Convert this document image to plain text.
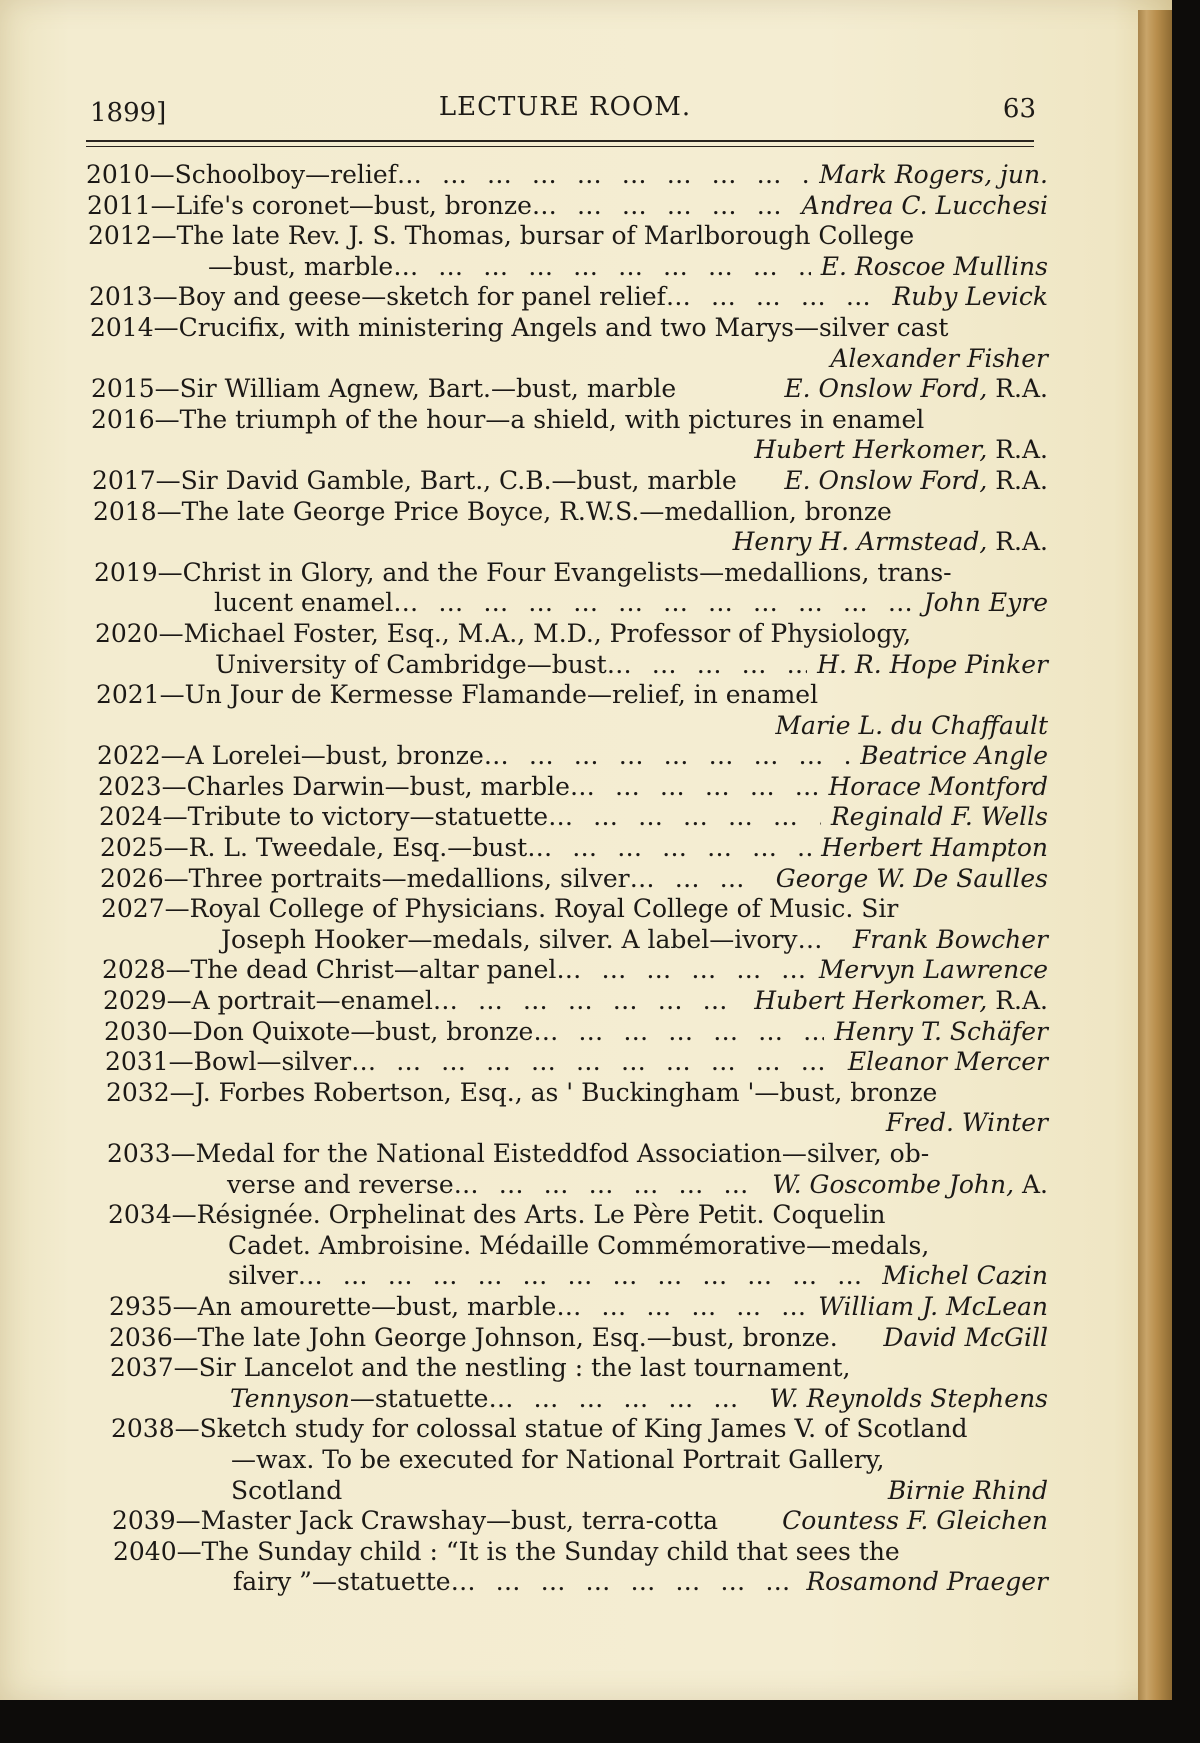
1899]	LECTURE ROOM.	63
2010—Schoolboy—relief … … … … … … … … … … … … … … …	Mark Rogers, jun.
2011—Life's coronet—bust, bronze … … … … … … … … … … … … … … …	Andrea C. Lucchesi
2012—The late Rev. J. S. Thomas, bursar of Marlborough College
—bust, marble … … … … … … … … … … … … … … …	E. Roscoe Mullins
2013—Boy and geese—sketch for panel relief … … … … … … … … … … … … … … …	Ruby Levick
2014—Crucifix, with ministering Angels and two Marys—silver cast
Alexander Fisher
2015—Sir William Agnew, Bart.—bust, marble	E. Onslow Ford, R.A.
2016—The triumph of the hour—a shield, with pictures in enamel
Hubert Herkomer, R.A.
2017—Sir David Gamble, Bart., C.B.—bust, marble	E. Onslow Ford, R.A.
2018—The late George Price Boyce, R.W.S.—medallion, bronze
Henry H. Armstead, R.A.
2019—Christ in Glory, and the Four Evangelists—medallions, trans-
lucent enamel … … … … … … … … … … … … … … …	John Eyre
2020—Michael Foster, Esq., M.A., M.D., Professor of Physiology,
University of Cambridge—bust … … … … … … … … … … … … … … …	H. R. Hope Pinker
2021—Un Jour de Kermesse Flamande—relief, in enamel
Marie L. du Chaffault
2022—A Lorelei—bust, bronze … … … … … … … … … … … … … … …	Beatrice Angle
2023—Charles Darwin—bust, marble … … … … … … … … … … … … … … …	Horace Montford
2024—Tribute to victory—statuette … … … … … … … … … … … … … … …	Reginald F. Wells
2025—R. L. Tweedale, Esq.—bust … … … … … … … … … … … … … … …	Herbert Hampton
2026—Three portraits—medallions, silver … … … … … … … … … … … … … … …	George W. De Saulles
2027—Royal College of Physicians. Royal College of Music. Sir
Joseph Hooker—medals, silver. A label—ivory … … … … … … … … … … … … … … …	Frank Bowcher
2028—The dead Christ—altar panel … … … … … … … … … … … … … … …	Mervyn Lawrence
2029—A portrait—enamel … … … … … … … … … … … … … … …	Hubert Herkomer, R.A.
2030—Don Quixote—bust, bronze … … … … … … … … … … … … … … …	Henry T. Schäfer
2031—Bowl—silver … … … … … … … … … … … … … … …	Eleanor Mercer
2032—J. Forbes Robertson, Esq., as ' Buckingham '—bust, bronze
Fred. Winter
2033—Medal for the National Eisteddfod Association—silver, ob-
verse and reverse … … … … … … … … … … … … … … …	W. Goscombe John, A.
2034—Résignée. Orphelinat des Arts. Le Père Petit. Coquelin
Cadet. Ambroisine. Médaille Commémorative—medals,
silver … … … … … … … … … … … … … … …	Michel Cazin
2935—An amourette—bust, marble … … … … … … … … … … … … … … …	William J. McLean
2036—The late John George Johnson, Esq.—bust, bronze.	David McGill
2037—Sir Lancelot and the nestling : the last tournament,
Tennyson—statuette … … … … … … … … … … … … … … …	W. Reynolds Stephens
2038—Sketch study for colossal statue of King James V. of Scotland
—wax. To be executed for National Portrait Gallery,
Scotland	Birnie Rhind
2039—Master Jack Crawshay—bust, terra-cotta	Countess F. Gleichen
2040—The Sunday child : “It is the Sunday child that sees the
fairy ”—statuette … … … … … … … … … … … … … … …	Rosamond Praeger
